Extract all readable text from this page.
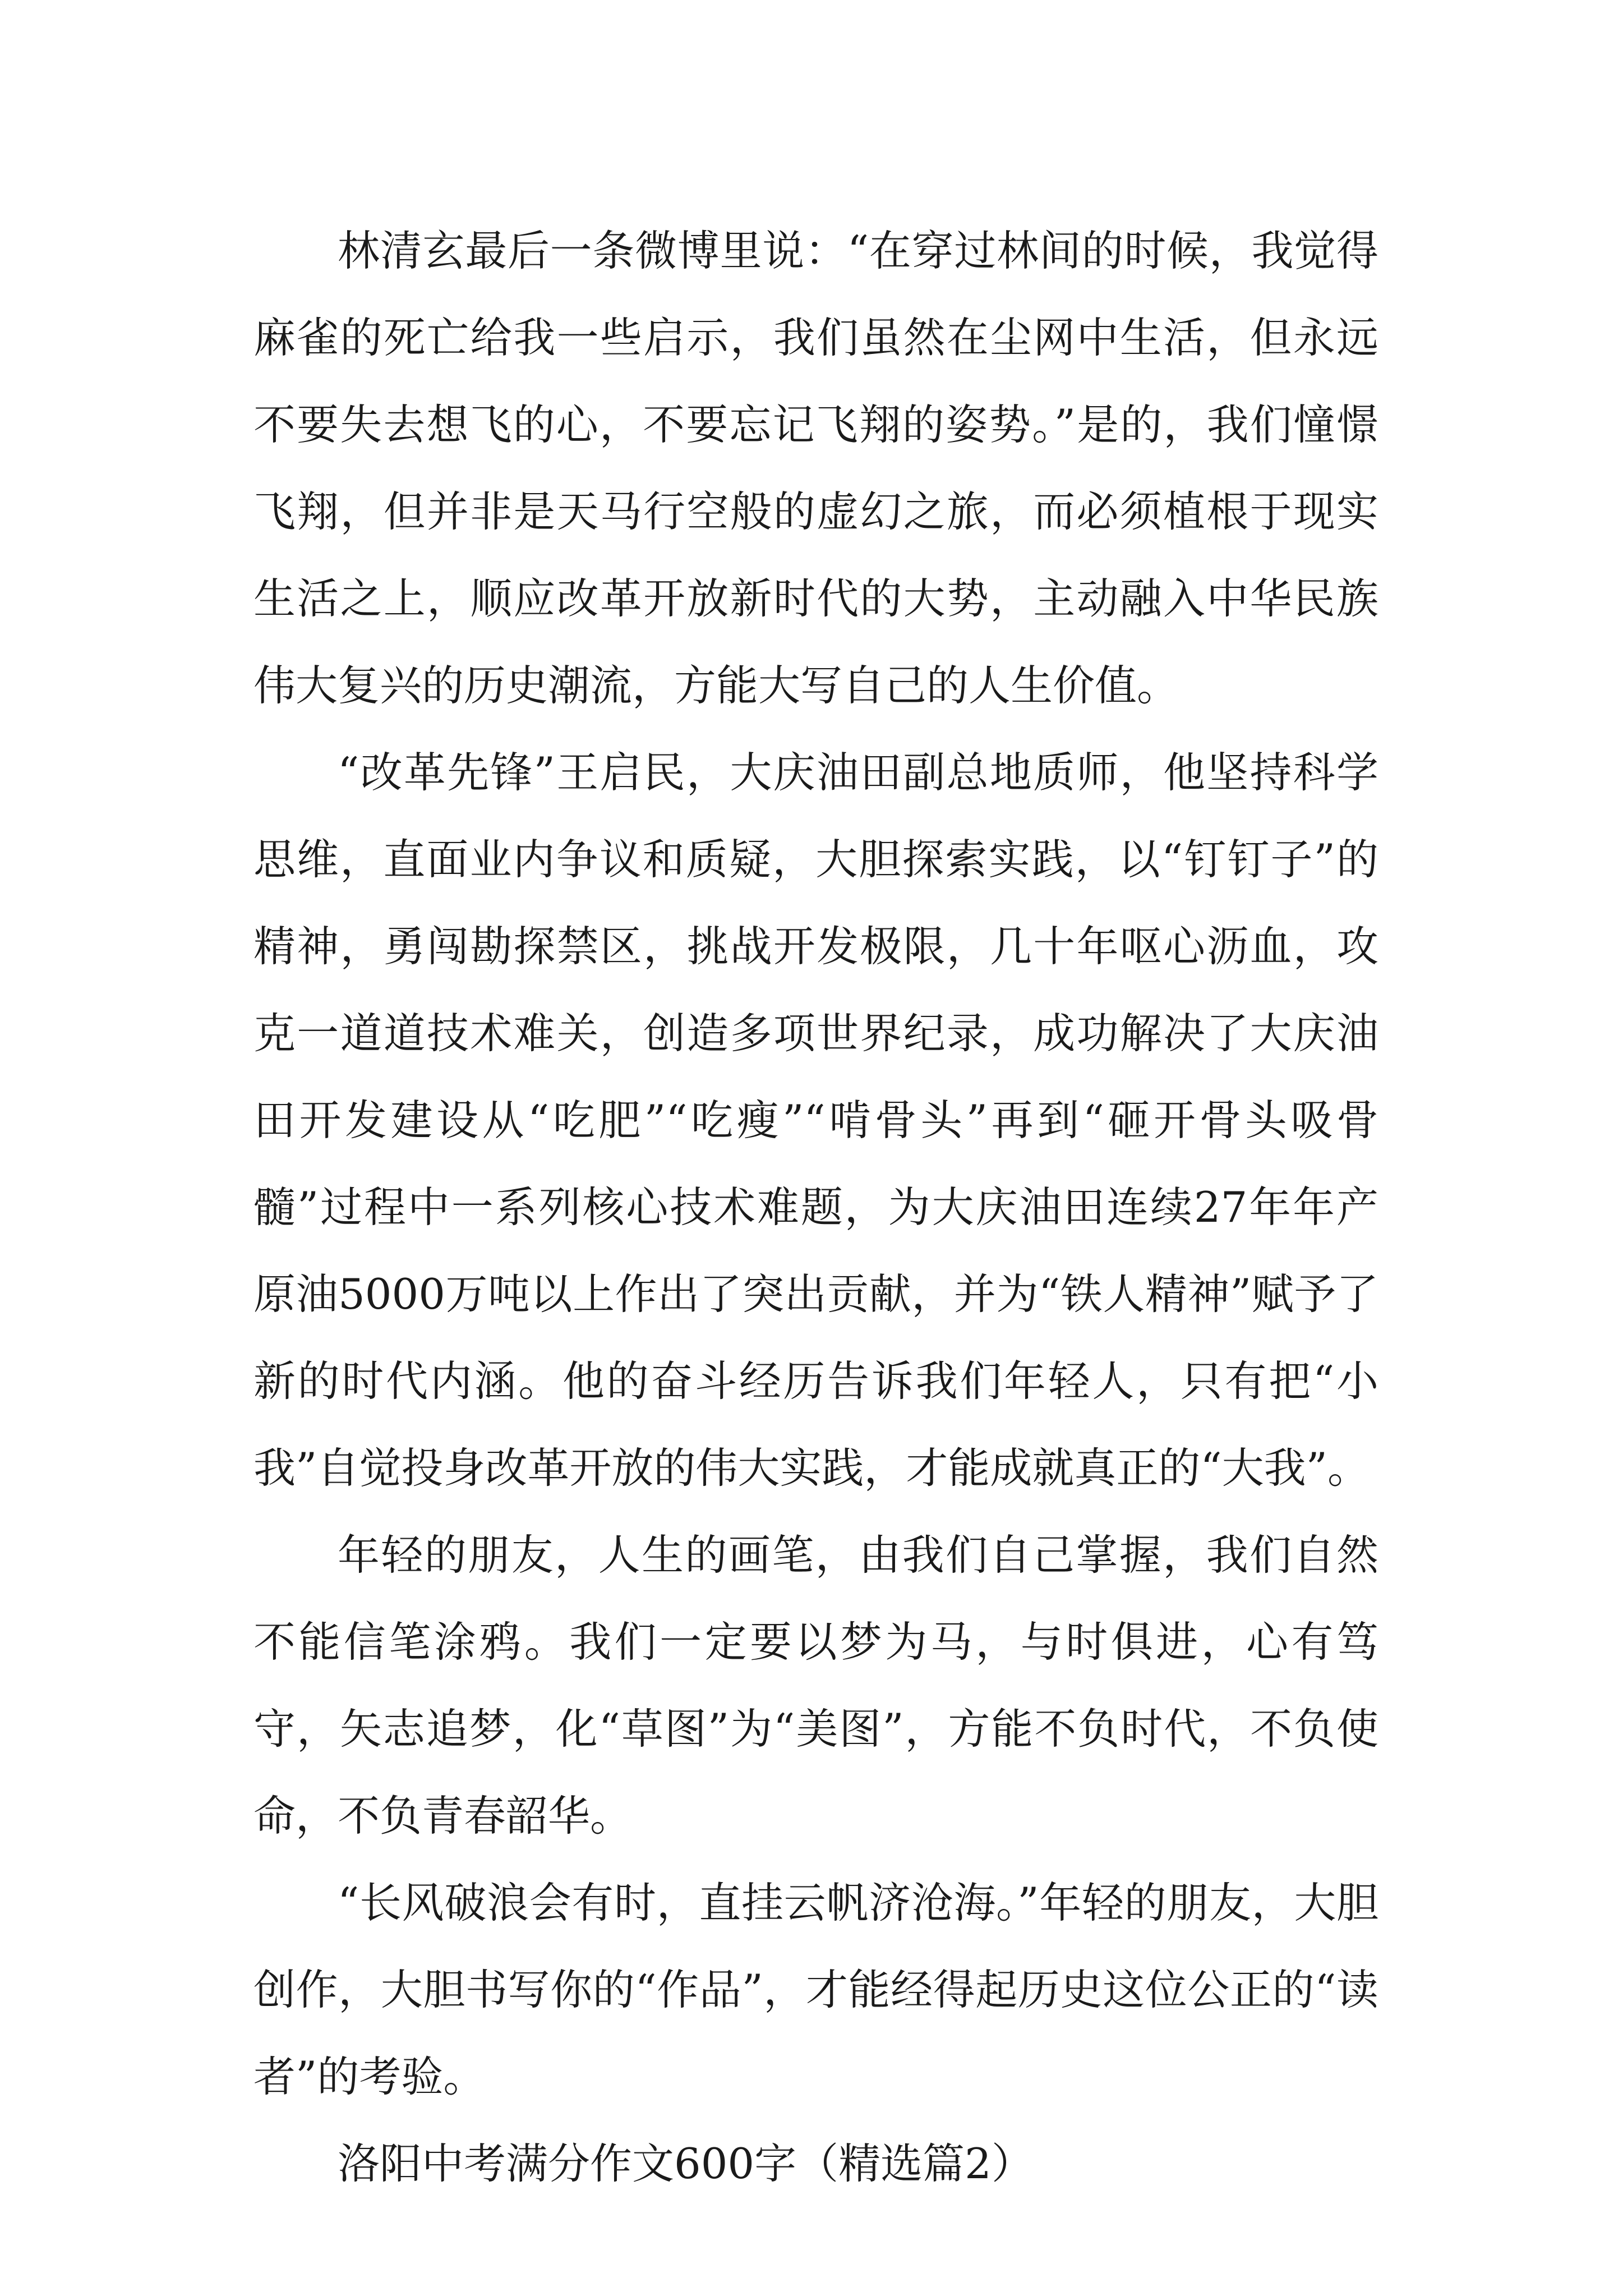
林清玄最后一条微博里说：“在穿过林间的时候，我觉得麻雀的死亡给我一些启示，我们虽然在尘网中生活，但永远不要失去想飞的心，不要忘记飞翔的姿势。”是的，我们憧憬飞翔，但并非是天马行空般的虚幻之旅，而必须植根于现实生活之上，顺应改革开放新时代的大势，主动融入中华民族伟大复兴的历史潮流，方能大写自己的人生价值。

“改革先锋”王启民，大庆油田副总地质师，他坚持科学思维，直面业内争议和质疑，大胆探索实践，以“钉钉子”的精神，勇闯勘探禁区，挑战开发极限，几十年呕心沥血，攻克一道道技术难关，创造多项世界纪录，成功解决了大庆油田开发建设从“吃肥”“吃瘦”“啃骨头”再到“砸开骨头吸骨髓”过程中一系列核心技术难题，为大庆油田连续27年年产原油5000万吨以上作出了突出贡献，并为“铁人精神”赋予了新的时代内涵。他的奋斗经历告诉我们年轻人，只有把“小我”自觉投身改革开放的伟大实践，才能成就真正的“大我”。

年轻的朋友，人生的画笔，由我们自己掌握，我们自然不能信笔涂鸦。我们一定要以梦为马，与时俱进，心有笃守，矢志追梦，化“草图”为“美图”，方能不负时代，不负使命，不负青春韶华。

“长风破浪会有时，直挂云帆济沧海。”年轻的朋友，大胆创作，大胆书写你的“作品”，才能经得起历史这位公正的“读者”的考验。

洛阳中考满分作文600字（精选篇2）
